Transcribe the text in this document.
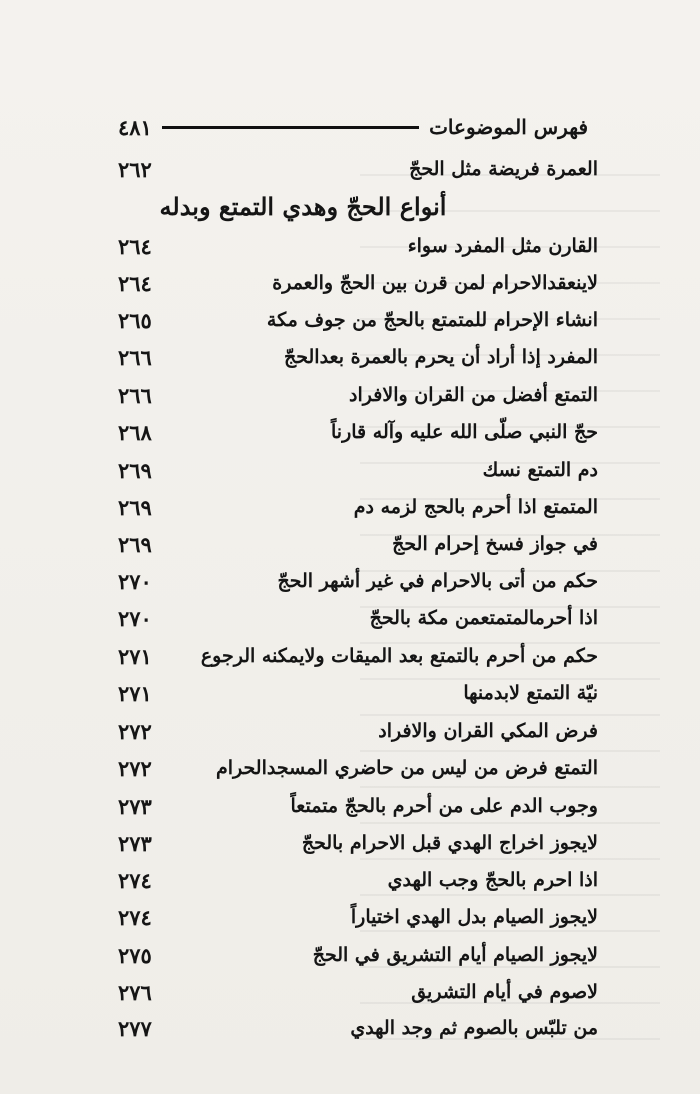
فهرس الموضوعات
٤٨١
العمرة فريضة مثل الحجّ
٢٦٢
أنواع الحجّ وهدي التمتع وبدله
القارن مثل المفرد سواء
٢٦٤
لاينعقدالاحرام لمن قرن بين الحجّ والعمرة
٢٦٤
انشاء الإحرام للمتمتع بالحجّ من جوف مكة
٢٦٥
المفرد إذا أراد أن يحرم بالعمرة بعدالحجّ
٢٦٦
التمتع أفضل من القران والافراد
٢٦٦
حجّ النبي صلّى الله عليه وآله قارناً
٢٦٨
دم التمتع نسك
٢٦٩
المتمتع اذا أحرم بالحج لزمه دم
٢٦٩
في جواز فسخ إحرام الحجّ
٢٦٩
حكم من أتى بالاحرام في غير أشهر الحجّ
٢٧٠
اذا أحرمالمتمتعمن مكة بالحجّ
٢٧٠
حكم من أحرم بالتمتع بعد الميقات ولايمكنه الرجوع
٢٧١
نيّة التمتع لابدمنها
٢٧١
فرض المكي القران والافراد
٢٧٢
التمتع فرض من ليس من حاضري المسجدالحرام
٢٧٢
وجوب الدم على من أحرم بالحجّ متمتعاً
٢٧٣
لايجوز اخراج الهدي قبل الاحرام بالحجّ
٢٧٣
اذا احرم بالحجّ وجب الهدي
٢٧٤
لايجوز الصيام بدل الهدي اختياراً
٢٧٤
لايجوز الصيام أيام التشريق في الحجّ
٢٧٥
لاصوم في أيام التشريق
٢٧٦
من تلبّس بالصوم ثم وجد الهدي
٢٧٧
